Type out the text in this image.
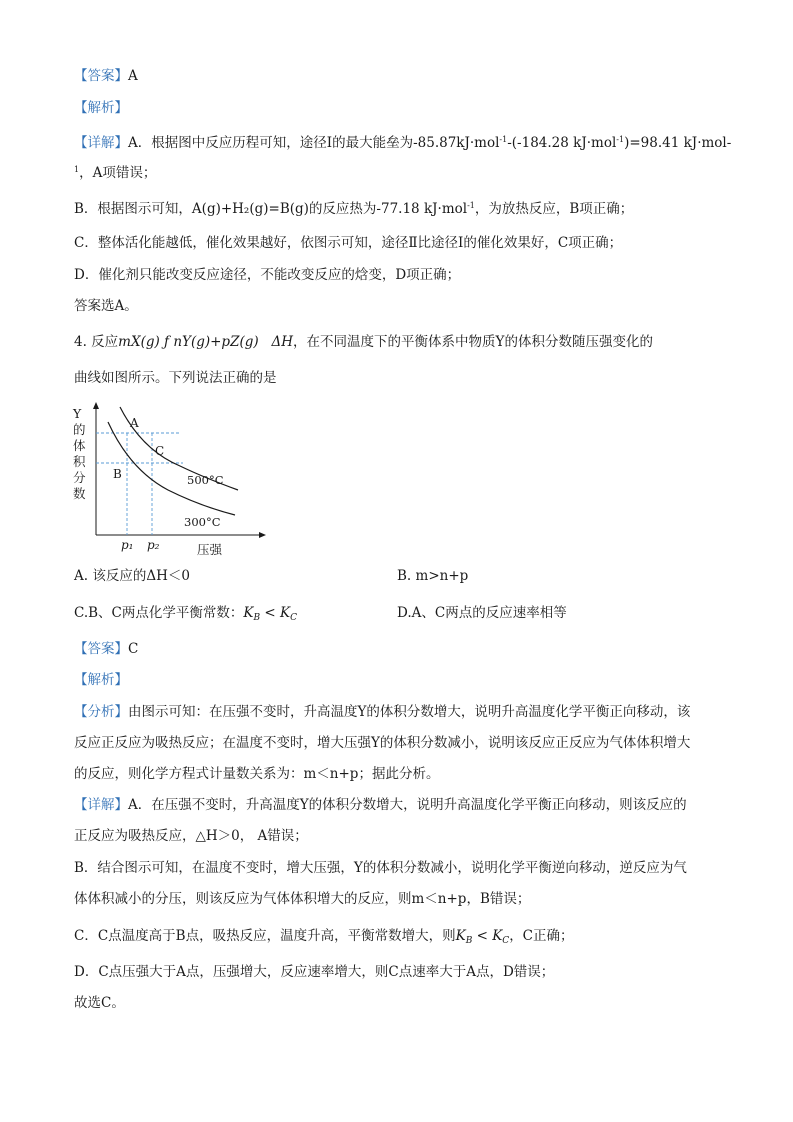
【答案】A
【解析】
【详解】A．根据图中反应历程可知，途径Ⅰ的最大能垒为-85.87kJ·mol$^{-1}$-(-184.28 kJ·mol$^{-1}$)=98.41 kJ·mol-
$^1$，A项错误；
B．根据图示可知，A(g)+H₂(g)=B(g)的反应热为-77.18 kJ·mol$^{-1}$，为放热反应，B项正确；
C．整体活化能越低，催化效果越好，依图示可知，途径Ⅱ比途径Ⅰ的催化效果好，C项正确；
D．催化剂只能改变反应途径，不能改变反应的焓变，D项正确；
答案选A。
4. 反应mX(g) ƒ nY(g)+pZ(g) ΔH，在不同温度下的平衡体系中物质Y的体积分数随压强变化的
曲线如图所示。下列说法正确的是
Y
的
体
积
分
数
A
B
C
500°C
300°C
p₁ p₂	压强
A. 该反应的ΔH＜0	B. m>n+p
C.B、C两点化学平衡常数：$K_B < K_C$	D.A、C两点的反应速率相等
【答案】C
【解析】
【分析】由图示可知：在压强不变时，升高温度Y的体积分数增大，说明升高温度化学平衡正向移动，该
反应正反应为吸热反应；在温度不变时，增大压强Y的体积分数减小，说明该反应正反应为气体体积增大
的反应，则化学方程式计量数关系为：m＜n+p；据此分析。
【详解】A．在压强不变时，升高温度Y的体积分数增大，说明升高温度化学平衡正向移动，则该反应的
正反应为吸热反应，△H＞0， A错误；
B．结合图示可知，在温度不变时，增大压强，Y的体积分数减小，说明化学平衡逆向移动，逆反应为气
体体积减小的分压，则该反应为气体体积增大的反应，则m＜n+p，B错误；
C．C点温度高于B点，吸热反应，温度升高，平衡常数增大，则$K_B < K_C$，C正确；
D．C点压强大于A点，压强增大，反应速率增大，则C点速率大于A点，D错误；
故选C。
